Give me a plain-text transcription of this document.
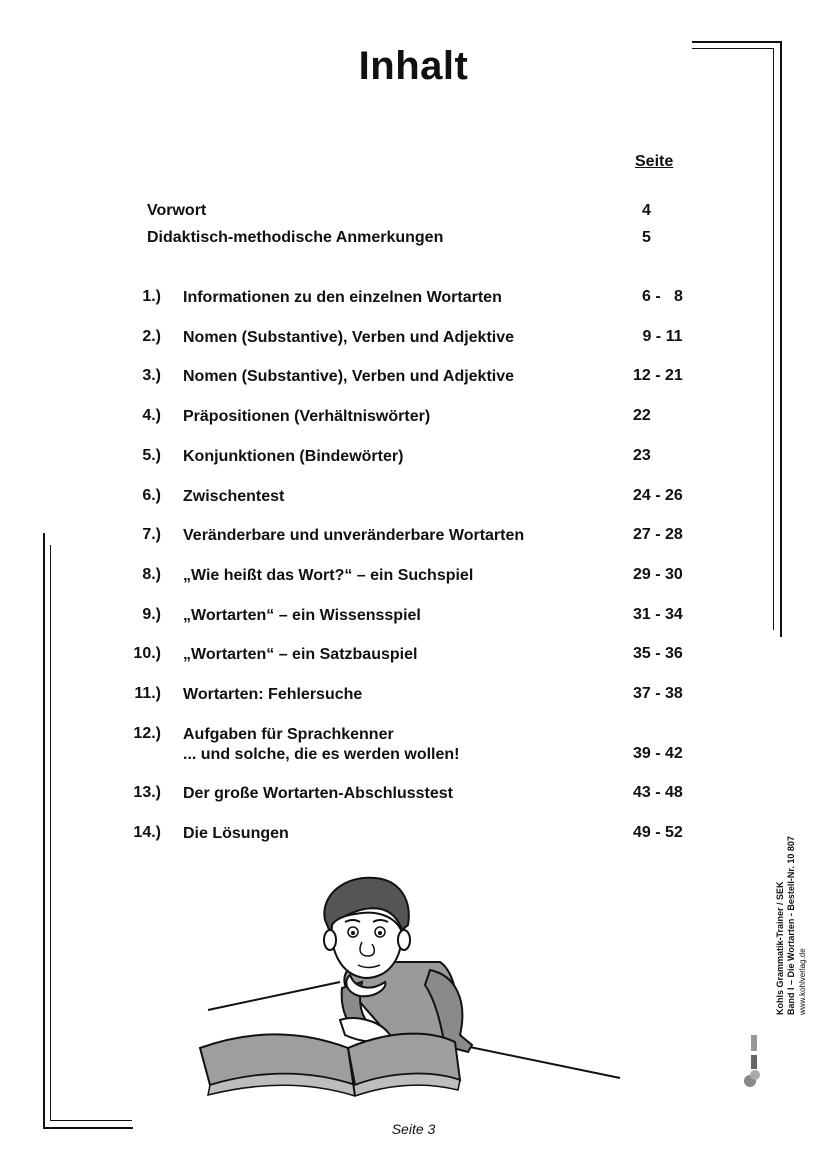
Inhalt
Seite
Vorwort	4
Didaktisch-methodische Anmerkungen	5
1.) Informationen zu den einzelnen Wortarten	6 -   8
2.) Nomen (Substantive), Verben und Adjektive	9 - 11
3.) Nomen (Substantive), Verben und Adjektive	12 - 21
4.) Präpositionen (Verhältniswörter)	22
5.) Konjunktionen (Bindewörter)	23
6.) Zwischentest	24 - 26
7.) Veränderbare und unveränderbare Wortarten	27 - 28
8.) „Wie heißt das Wort?“ – ein Suchspiel	29 - 30
9.) „Wortarten“ – ein Wissensspiel	31 - 34
10.) „Wortarten“ – ein Satzbauspiel	35 - 36
11.) Wortarten: Fehlersuche	37 - 38
12.) Aufgaben für Sprachkenner
... und solche, die es werden wollen!	39 - 42
13.) Der große Wortarten-Abschlusstest	43 - 48
14.) Die Lösungen	49 - 52
Kohls Grammatik-Trainer / SEK Band I – Die Wortarten - Bestell-Nr. 10 807 www.kohlverlag.de
Seite 3
